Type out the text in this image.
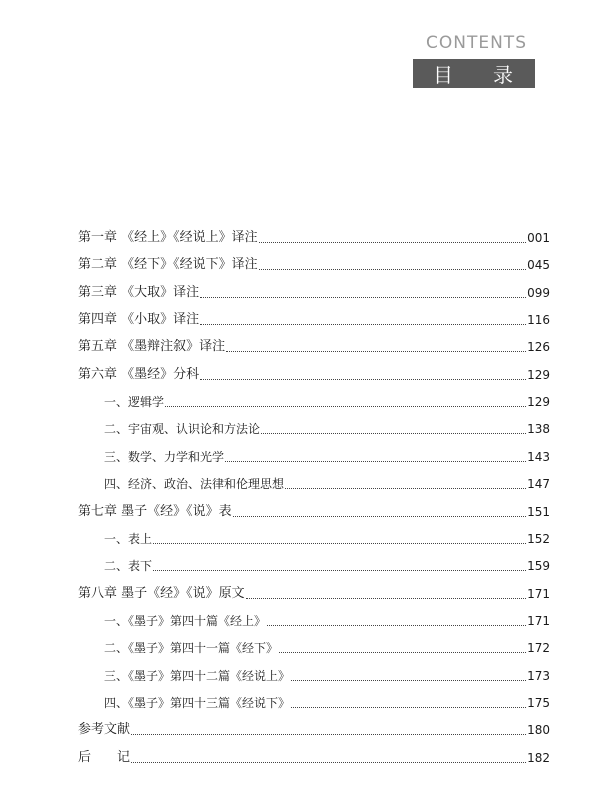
CONTENTS
目 录
第一章 《经上》《经说上》译注	001
第二章 《经下》《经说下》译注	045
第三章 《大取》译注	099
第四章 《小取》译注	116
第五章 《墨辩注叙》译注	126
第六章 《墨经》分科	129
一、逻辑学	129
二、宇宙观、认识论和方法论	138
三、数学、力学和光学	143
四、经济、政治、法律和伦理思想	147
第七章 墨子《经》《说》表	151
一、表上	152
二、表下	159
第八章 墨子《经》《说》原文	171
一、《墨子》第四十篇《经上》	171
二、《墨子》第四十一篇《经下》	172
三、《墨子》第四十二篇《经说上》	173
四、《墨子》第四十三篇《经说下》	175
参考文献	180
后　　记	182
